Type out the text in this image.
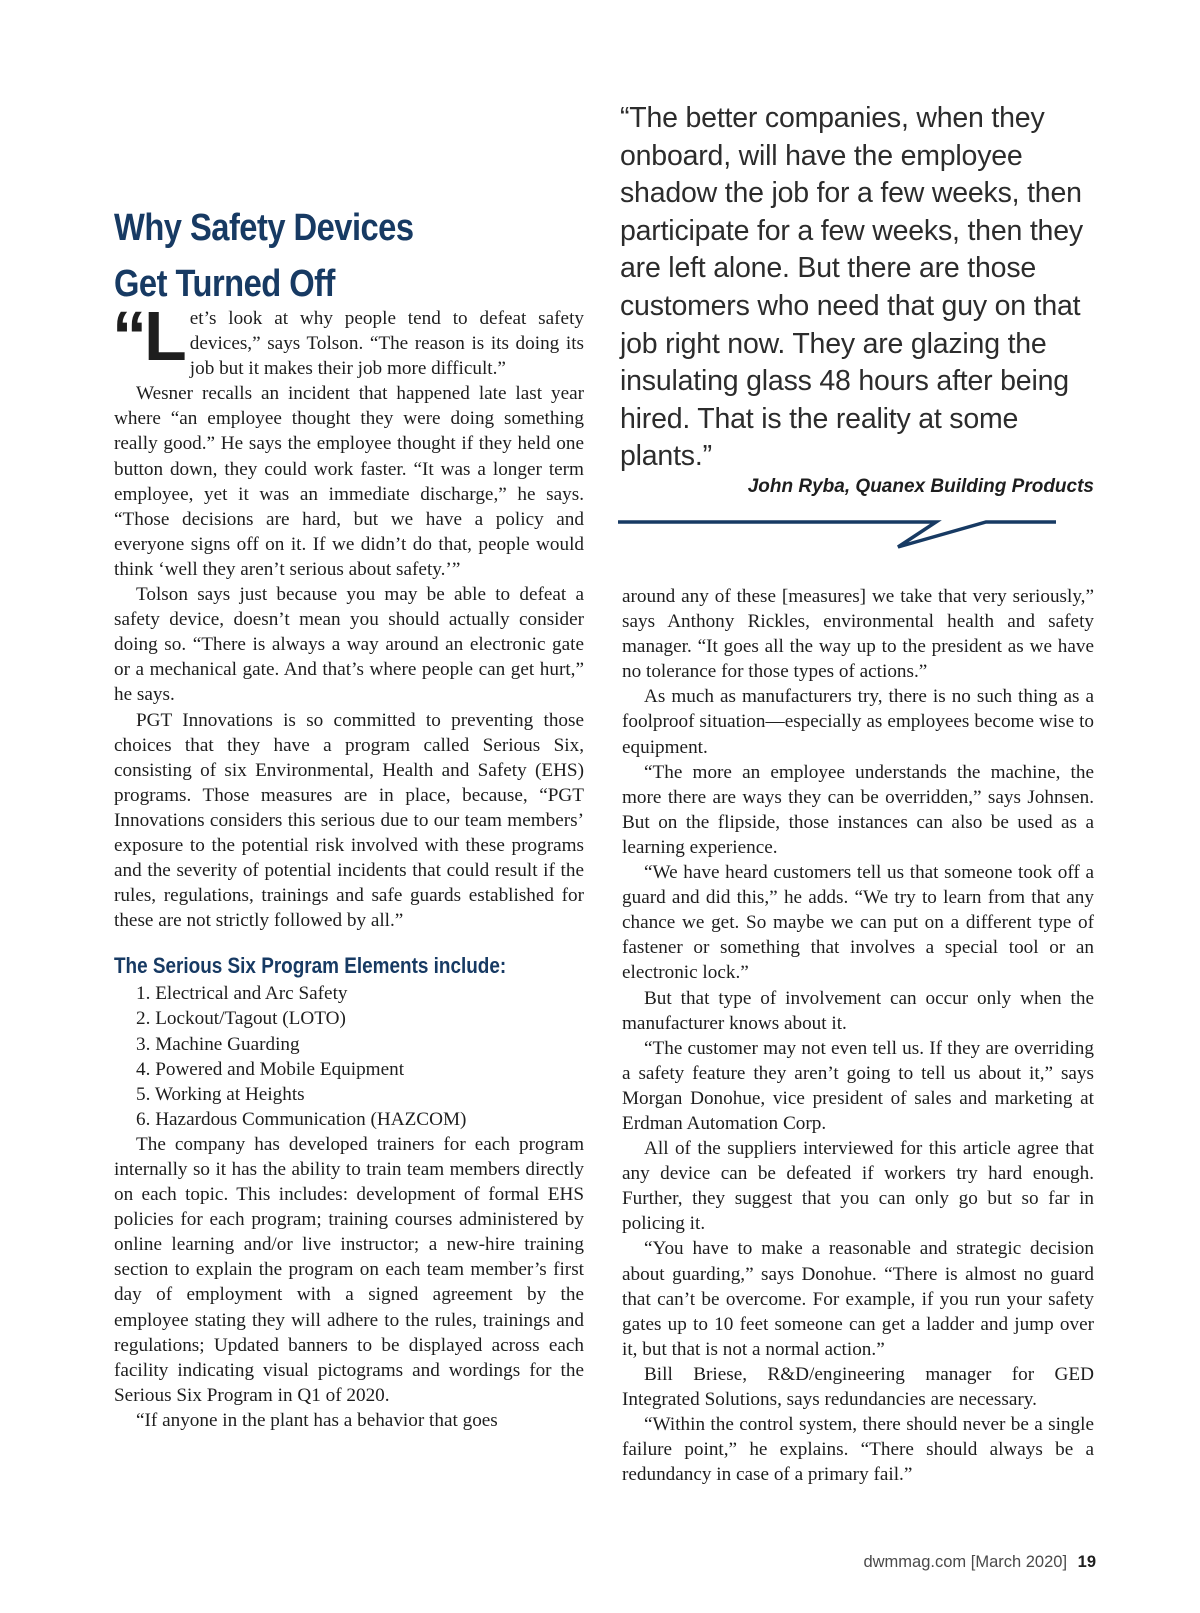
Why Safety Devices
Get Turned Off

“Let’s look at why people tend to defeat safety devices,” says Tolson. “The reason is its doing its job but it makes their job more difficult.”

Wesner recalls an incident that happened late last year where “an employee thought they were doing something really good.” He says the employee thought if they held one button down, they could work faster. “It was a longer term employee, yet it was an immediate discharge,” he says. “Those decisions are hard, but we have a policy and everyone signs off on it. If we didn’t do that, people would think ‘well they aren’t serious about safety.’”

Tolson says just because you may be able to defeat a safety device, doesn’t mean you should actually consider doing so. “There is always a way around an electronic gate or a mechanical gate. And that’s where people can get hurt,” he says.

PGT Innovations is so committed to preventing those choices that they have a program called Serious Six, consisting of six Environmental, Health and Safety (EHS) programs. Those measures are in place, because, “PGT Innovations considers this serious due to our team members’ exposure to the potential risk involved with these programs and the severity of potential incidents that could result if the rules, regulations, trainings and safe guards established for these are not strictly followed by all.”

The Serious Six Program Elements include:
1. Electrical and Arc Safety
2. Lockout/Tagout (LOTO)
3. Machine Guarding
4. Powered and Mobile Equipment
5. Working at Heights
6. Hazardous Communication (HAZCOM)

The company has developed trainers for each program internally so it has the ability to train team members directly on each topic. This includes: development of formal EHS policies for each program; training courses administered by online learning and/or live instructor; a new-hire training section to explain the program on each team member’s first day of employment with a signed agreement by the employee stating they will adhere to the rules, trainings and regulations; Updated banners to be displayed across each facility indicating visual pictograms and wordings for the Serious Six Program in Q1 of 2020.

“If anyone in the plant has a behavior that goes

“The better companies, when they onboard, will have the employee shadow the job for a few weeks, then participate for a few weeks, then they are left alone. But there are those customers who need that guy on that job right now. They are glazing the insulating glass 48 hours after being hired. That is the reality at some plants.”
John Ryba, Quanex Building Products

around any of these [measures] we take that very seriously,” says Anthony Rickles, environmental health and safety manager. “It goes all the way up to the president as we have no tolerance for those types of actions.”

As much as manufacturers try, there is no such thing as a foolproof situation—especially as employees become wise to equipment.

“The more an employee understands the machine, the more there are ways they can be overridden,” says Johnsen. But on the flipside, those instances can also be used as a learning experience.

“We have heard customers tell us that someone took off a guard and did this,” he adds. “We try to learn from that any chance we get. So maybe we can put on a different type of fastener or something that involves a special tool or an electronic lock.”

But that type of involvement can occur only when the manufacturer knows about it.

“The customer may not even tell us. If they are overriding a safety feature they aren’t going to tell us about it,” says Morgan Donohue, vice president of sales and marketing at Erdman Automation Corp.

All of the suppliers interviewed for this article agree that any device can be defeated if workers try hard enough. Further, they suggest that you can only go but so far in policing it.

“You have to make a reasonable and strategic decision about guarding,” says Donohue. “There is almost no guard that can’t be overcome. For example, if you run your safety gates up to 10 feet someone can get a ladder and jump over it, but that is not a normal action.”

Bill Briese, R&D/engineering manager for GED Integrated Solutions, says redundancies are necessary.

“Within the control system, there should never be a single failure point,” he explains. “There should always be a redundancy in case of a primary fail.”

dwmmag.com [March 2020] 19
